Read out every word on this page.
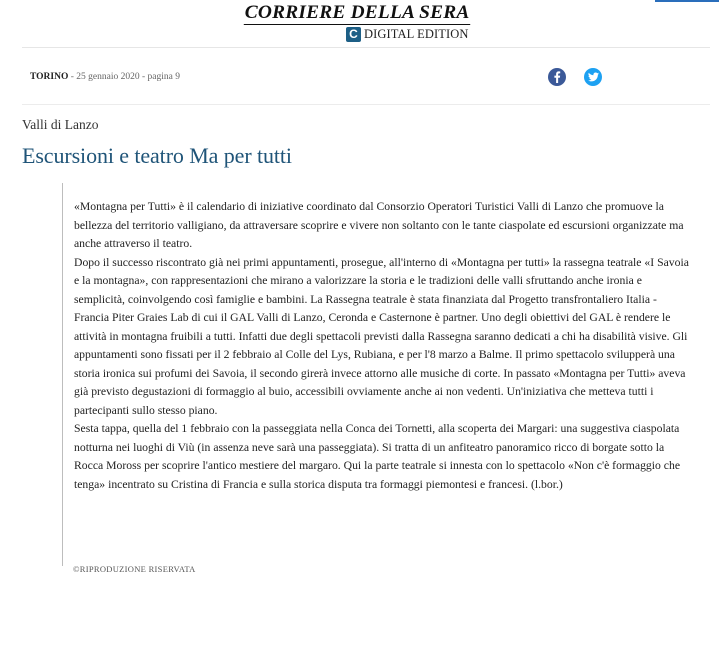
CORRIERE DELLA SERA
C DIGITAL EDITION
TORINO - 25 gennaio 2020 - pagina 9
Valli di Lanzo
Escursioni e teatro Ma per tutti

«Montagna per Tutti» è il calendario di iniziative coordinato dal Consorzio Operatori Turistici Valli di Lanzo che promuove la bellezza del territorio valligiano, da attraversare scoprire e vivere non soltanto con le tante ciaspolate ed escursioni organizzate ma anche attraverso il teatro.

Dopo il successo riscontrato già nei primi appuntamenti, prosegue, all'interno di «Montagna per tutti» la rassegna teatrale «I Savoia e la montagna», con rappresentazioni che mirano a valorizzare la storia e le tradizioni delle valli sfruttando anche ironia e semplicità, coinvolgendo così famiglie e bambini. La Rassegna teatrale è stata finanziata dal Progetto transfrontaliero Italia - Francia Piter Graies Lab di cui il GAL Valli di Lanzo, Ceronda e Casternone è partner. Uno degli obiettivi del GAL è rendere le attività in montagna fruibili a tutti. Infatti due degli spettacoli previsti dalla Rassegna saranno dedicati a chi ha disabilità visive. Gli appuntamenti sono fissati per il 2 febbraio al Colle del Lys, Rubiana, e per l'8 marzo a Balme. Il primo spettacolo svilupperà una storia ironica sui profumi dei Savoia, il secondo girerà invece attorno alle musiche di corte. In passato «Montagna per Tutti» aveva già previsto degustazioni di formaggio al buio, accessibili ovviamente anche ai non vedenti. Un'iniziativa che metteva tutti i partecipanti sullo stesso piano.

Sesta tappa, quella del 1 febbraio con la passeggiata nella Conca dei Tornetti, alla scoperta dei Margari: una suggestiva ciaspolata notturna nei luoghi di Viù (in assenza neve sarà una passeggiata). Si tratta di un anfiteatro panoramico ricco di borgate sotto la Rocca Moross per scoprire l'antico mestiere del margaro. Qui la parte teatrale si innesta con lo spettacolo «Non c'è formaggio che tenga» incentrato su Cristina di Francia e sulla storica disputa tra formaggi piemontesi e francesi. (l.bor.)

©RIPRODUZIONE RISERVATA
